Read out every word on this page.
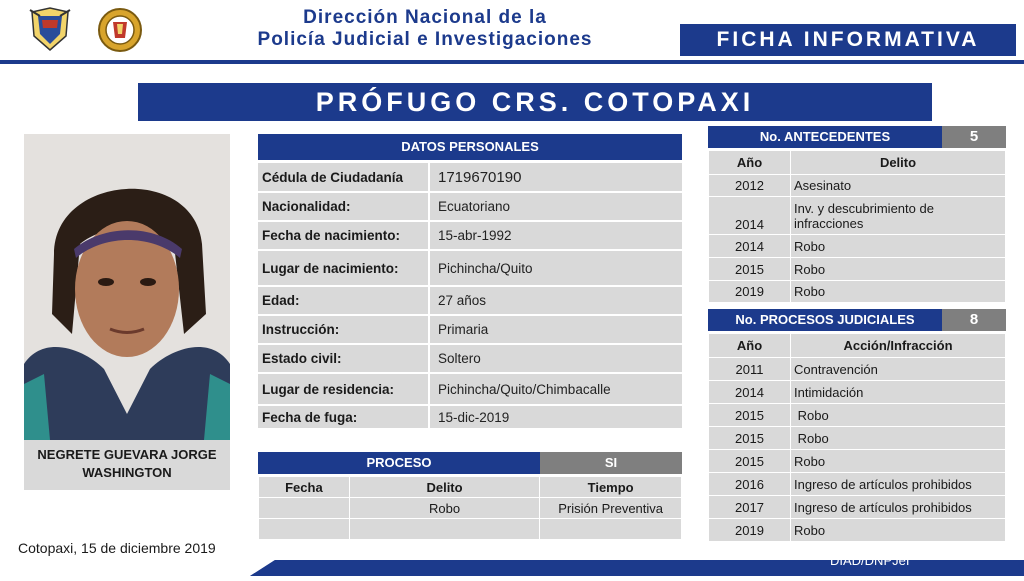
Dirección Nacional de la
Policía Judicial e Investigaciones	FICHA INFORMATIVA
PRÓFUGO CRS. COTOPAXI
NEGRETE GUEVARA JORGE
WASHINGTON
DATOS PERSONALES
Cédula de Ciudadanía	1719670190
Nacionalidad:	Ecuatoriano
Fecha de nacimiento:	15-abr-1992
Lugar de nacimiento:	Pichincha/Quito
Edad:	27 años
Instrucción:	Primaria
Estado civil:	Soltero
Lugar de residencia:	Pichincha/Quito/Chimbacalle
Fecha de fuga:	15-dic-2019
PROCESO	SI
Fecha	Delito	Tiempo
	Robo	Prisión Preventiva

No. ANTECEDENTES	5
Año	Delito
2012	Asesinato
2014	Inv. y descubrimiento de infracciones
2014	Robo
2015	Robo
2019	Robo
No. PROCESOS JUDICIALES	8
Año	Acción/Infracción
2011	Contravención
2014	Intimidación
2015	Robo
2015	Robo
2015	Robo
2016	Ingreso de artículos prohibidos
2017	Ingreso de artículos prohibidos
2019	Robo
Cotopaxi, 15 de diciembre 2019
DIAD/DNPJeI
